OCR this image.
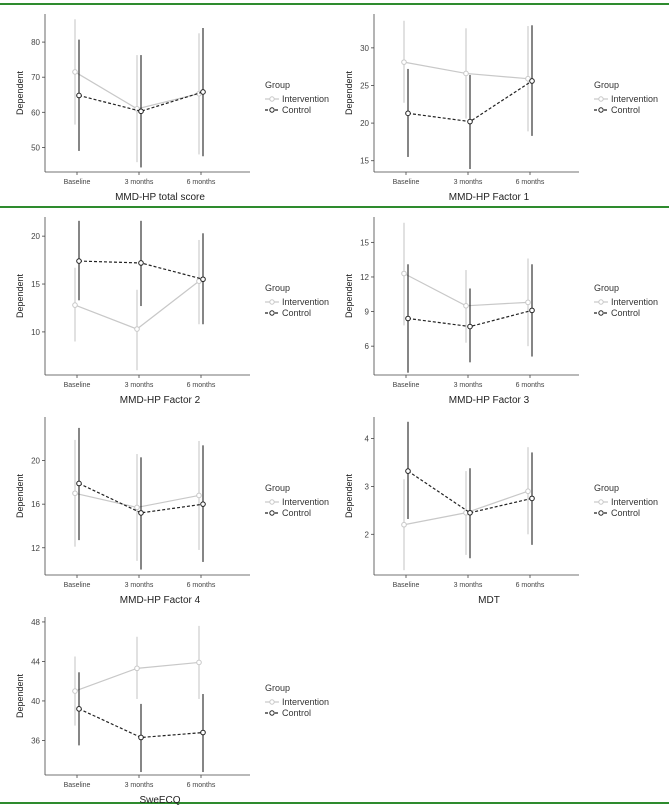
50
60
70
80
Baseline	3 months	6 months
Dependent
MMD-HP total score
Group
Intervention
Control
15
20
25
30
Baseline	3 months	6 months
Dependent
MMD-HP Factor 1
Group
Intervention
Control
10
15
20
Baseline	3 months	6 months
Dependent
MMD-HP Factor 2
Group
Intervention
Control
6
9
12
15
Baseline	3 months	6 months
Dependent
MMD-HP Factor 3
Group
Intervention
Control
12
16
20
Baseline	3 months	6 months
Dependent
MMD-HP Factor 4
Group
Intervention
Control
2
3
4
Baseline	3 months	6 months
Dependent
MDT
Group
Intervention
Control
36
40
44
48
Baseline	3 months	6 months
Dependent
SweECQ
Group
Intervention
Control
